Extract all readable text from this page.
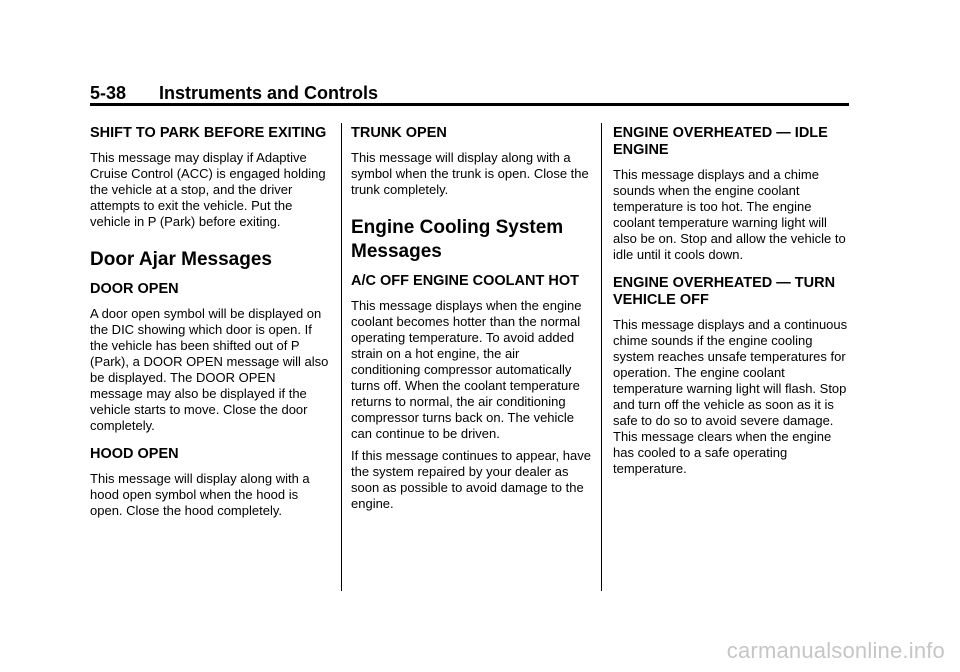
5-38 Instruments and Controls
SHIFT TO PARK BEFORE EXITING

This message may display if Adaptive Cruise Control (ACC) is engaged holding the vehicle at a stop, and the driver attempts to exit the vehicle. Put the vehicle in P (Park) before exiting.

Door Ajar Messages
DOOR OPEN

A door open symbol will be displayed on the DIC showing which door is open. If the vehicle has been shifted out of P (Park), a DOOR OPEN message will also be displayed. The DOOR OPEN message may also be displayed if the vehicle starts to move. Close the door completely.

HOOD OPEN

This message will display along with a hood open symbol when the hood is open. Close the hood completely.

TRUNK OPEN

This message will display along with a symbol when the trunk is open. Close the trunk completely.

Engine Cooling System Messages
A/C OFF ENGINE COOLANT HOT

This message displays when the engine coolant becomes hotter than the normal operating temperature. To avoid added strain on a hot engine, the air conditioning compressor automatically turns off. When the coolant temperature returns to normal, the air conditioning compressor turns back on. The vehicle can continue to be driven.

If this message continues to appear, have the system repaired by your dealer as soon as possible to avoid damage to the engine.

ENGINE OVERHEATED — IDLE ENGINE

This message displays and a chime sounds when the engine coolant temperature is too hot. The engine coolant temperature warning light will also be on. Stop and allow the vehicle to idle until it cools down.

ENGINE OVERHEATED — TURN VEHICLE OFF

This message displays and a continuous chime sounds if the engine cooling system reaches unsafe temperatures for operation. The engine coolant temperature warning light will flash. Stop and turn off the vehicle as soon as it is safe to do so to avoid severe damage. This message clears when the engine has cooled to a safe operating temperature.

carmanualsonline.info
